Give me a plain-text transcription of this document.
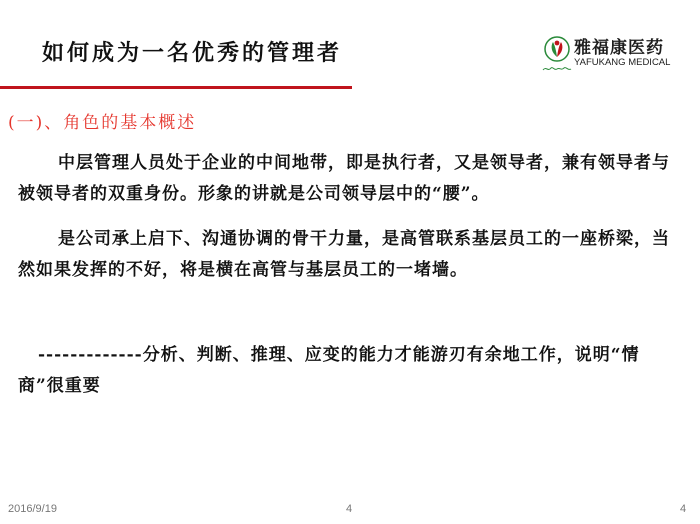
如何成为一名优秀的管理者	雅福康医药
YAFUKANG MEDICAL
(一)、角色的基本概述

中层管理人员处于企业的中间地带，即是执行者，又是领导者，兼有领导者与被领导者的双重身份。形象的讲就是公司领导层中的“腰”。

是公司承上启下、沟通协调的骨干力量，是高管联系基层员工的一座桥梁，当然如果发挥的不好，将是横在高管与基层员工的一堵墙。

-------------分析、判断、推理、应变的能力才能游刃有余地工作，说明“情商”很重要

2016/9/19	4	4
